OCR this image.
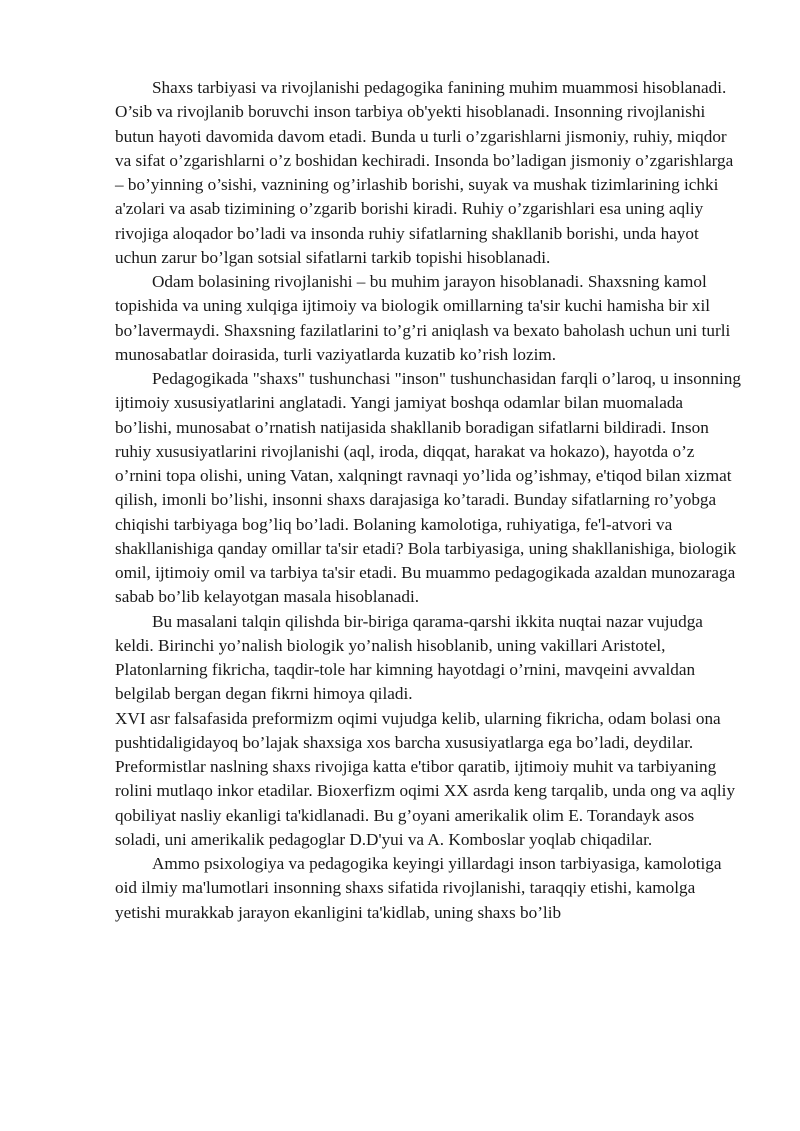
Shaxs tarbiyasi va rivojlanishi pedagogika fanining muhim muammosi hisoblanadi. O’sib va rivojlanib boruvchi inson tarbiya ob'yekti hisoblanadi. Insonning rivojlanishi butun hayoti davomida davom etadi. Bunda u turli o’zgarishlarni jismoniy, ruhiy, miqdor va sifat o’zgarishlarni o’z boshidan kechiradi. Insonda bo’ladigan jismoniy o’zgarishlarga – bo’yinning o’sishi, vaznining og’irlashib borishi, suyak va mushak tizimlarining ichki a'zolari va asab tizimining o’zgarib borishi kiradi. Ruhiy o’zgarishlari esa uning aqliy rivojiga aloqador bo’ladi va insonda ruhiy sifatlarning shakllanib borishi, unda hayot uchun zarur bo’lgan sotsial sifatlarni tarkib topishi hisoblanadi.

Odam bolasining rivojlanishi – bu muhim jarayon hisoblanadi. Shaxsning kamol topishida va uning xulqiga ijtimoiy va biologik omillarning ta'sir kuchi hamisha bir xil bo’lavermaydi. Shaxsning fazilatlarini to’g’ri aniqlash va bexato baholash uchun uni turli munosabatlar doirasida, turli vaziyatlarda kuzatib ko’rish lozim.

Pedagogikada "shaxs" tushunchasi "inson" tushunchasidan farqli o’laroq, u insonning ijtimoiy xususiyatlarini anglatadi. Yangi jamiyat boshqa odamlar bilan muomalada bo’lishi, munosabat o’rnatish natijasida shakllanib boradigan sifatlarni bildiradi. Inson ruhiy xususiyatlarini rivojlanishi (aql, iroda, diqqat, harakat va hokazo), hayotda o’z o’rnini topa olishi, uning Vatan, xalqningt ravnaqi yo’lida og’ishmay, e'tiqod bilan xizmat qilish, imonli bo’lishi, insonni shaxs darajasiga ko’taradi. Bunday sifatlarning ro’yobga chiqishi tarbiyaga bog’liq bo’ladi. Bolaning kamolotiga, ruhiyatiga, fe'l-atvori va shakllanishiga qanday omillar ta'sir etadi? Bola tarbiyasiga, uning shakllanishiga, biologik omil, ijtimoiy omil va tarbiya ta'sir etadi. Bu muammo pedagogikada azaldan munozaraga sabab bo’lib kelayotgan masala hisoblanadi.

Bu masalani talqin qilishda bir-biriga qarama-qarshi ikkita nuqtai nazar vujudga keldi. Birinchi yo’nalish biologik yo’nalish hisoblanib, uning vakillari Aristotel, Platonlarning fikricha, taqdir-tole har kimning hayotdagi o’rnini, mavqeini avvaldan belgilab bergan degan fikrni himoya qiladi.

XVI asr falsafasida preformizm oqimi vujudga kelib, ularning fikricha, odam bolasi ona pushtidaligidayoq bo’lajak shaxsiga xos barcha xususiyatlarga ega bo’ladi, deydilar. Preformistlar naslning shaxs rivojiga katta e'tibor qaratib, ijtimoiy muhit va tarbiyaning rolini mutlaqo inkor etadilar. Bioxerfizm oqimi XX asrda keng tarqalib, unda ong va aqliy qobiliyat nasliy ekanligi ta'kidlanadi. Bu g’oyani amerikalik olim E. Torandayk asos soladi, uni amerikalik pedagoglar D.D'yui va A. Komboslar yoqlab chiqadilar.

Ammo psixologiya va pedagogika keyingi yillardagi inson tarbiyasiga, kamolotiga oid ilmiy ma'lumotlari insonning shaxs sifatida rivojlanishi, taraqqiy etishi, kamolga yetishi murakkab jarayon ekanligini ta'kidlab, uning shaxs bo’lib
